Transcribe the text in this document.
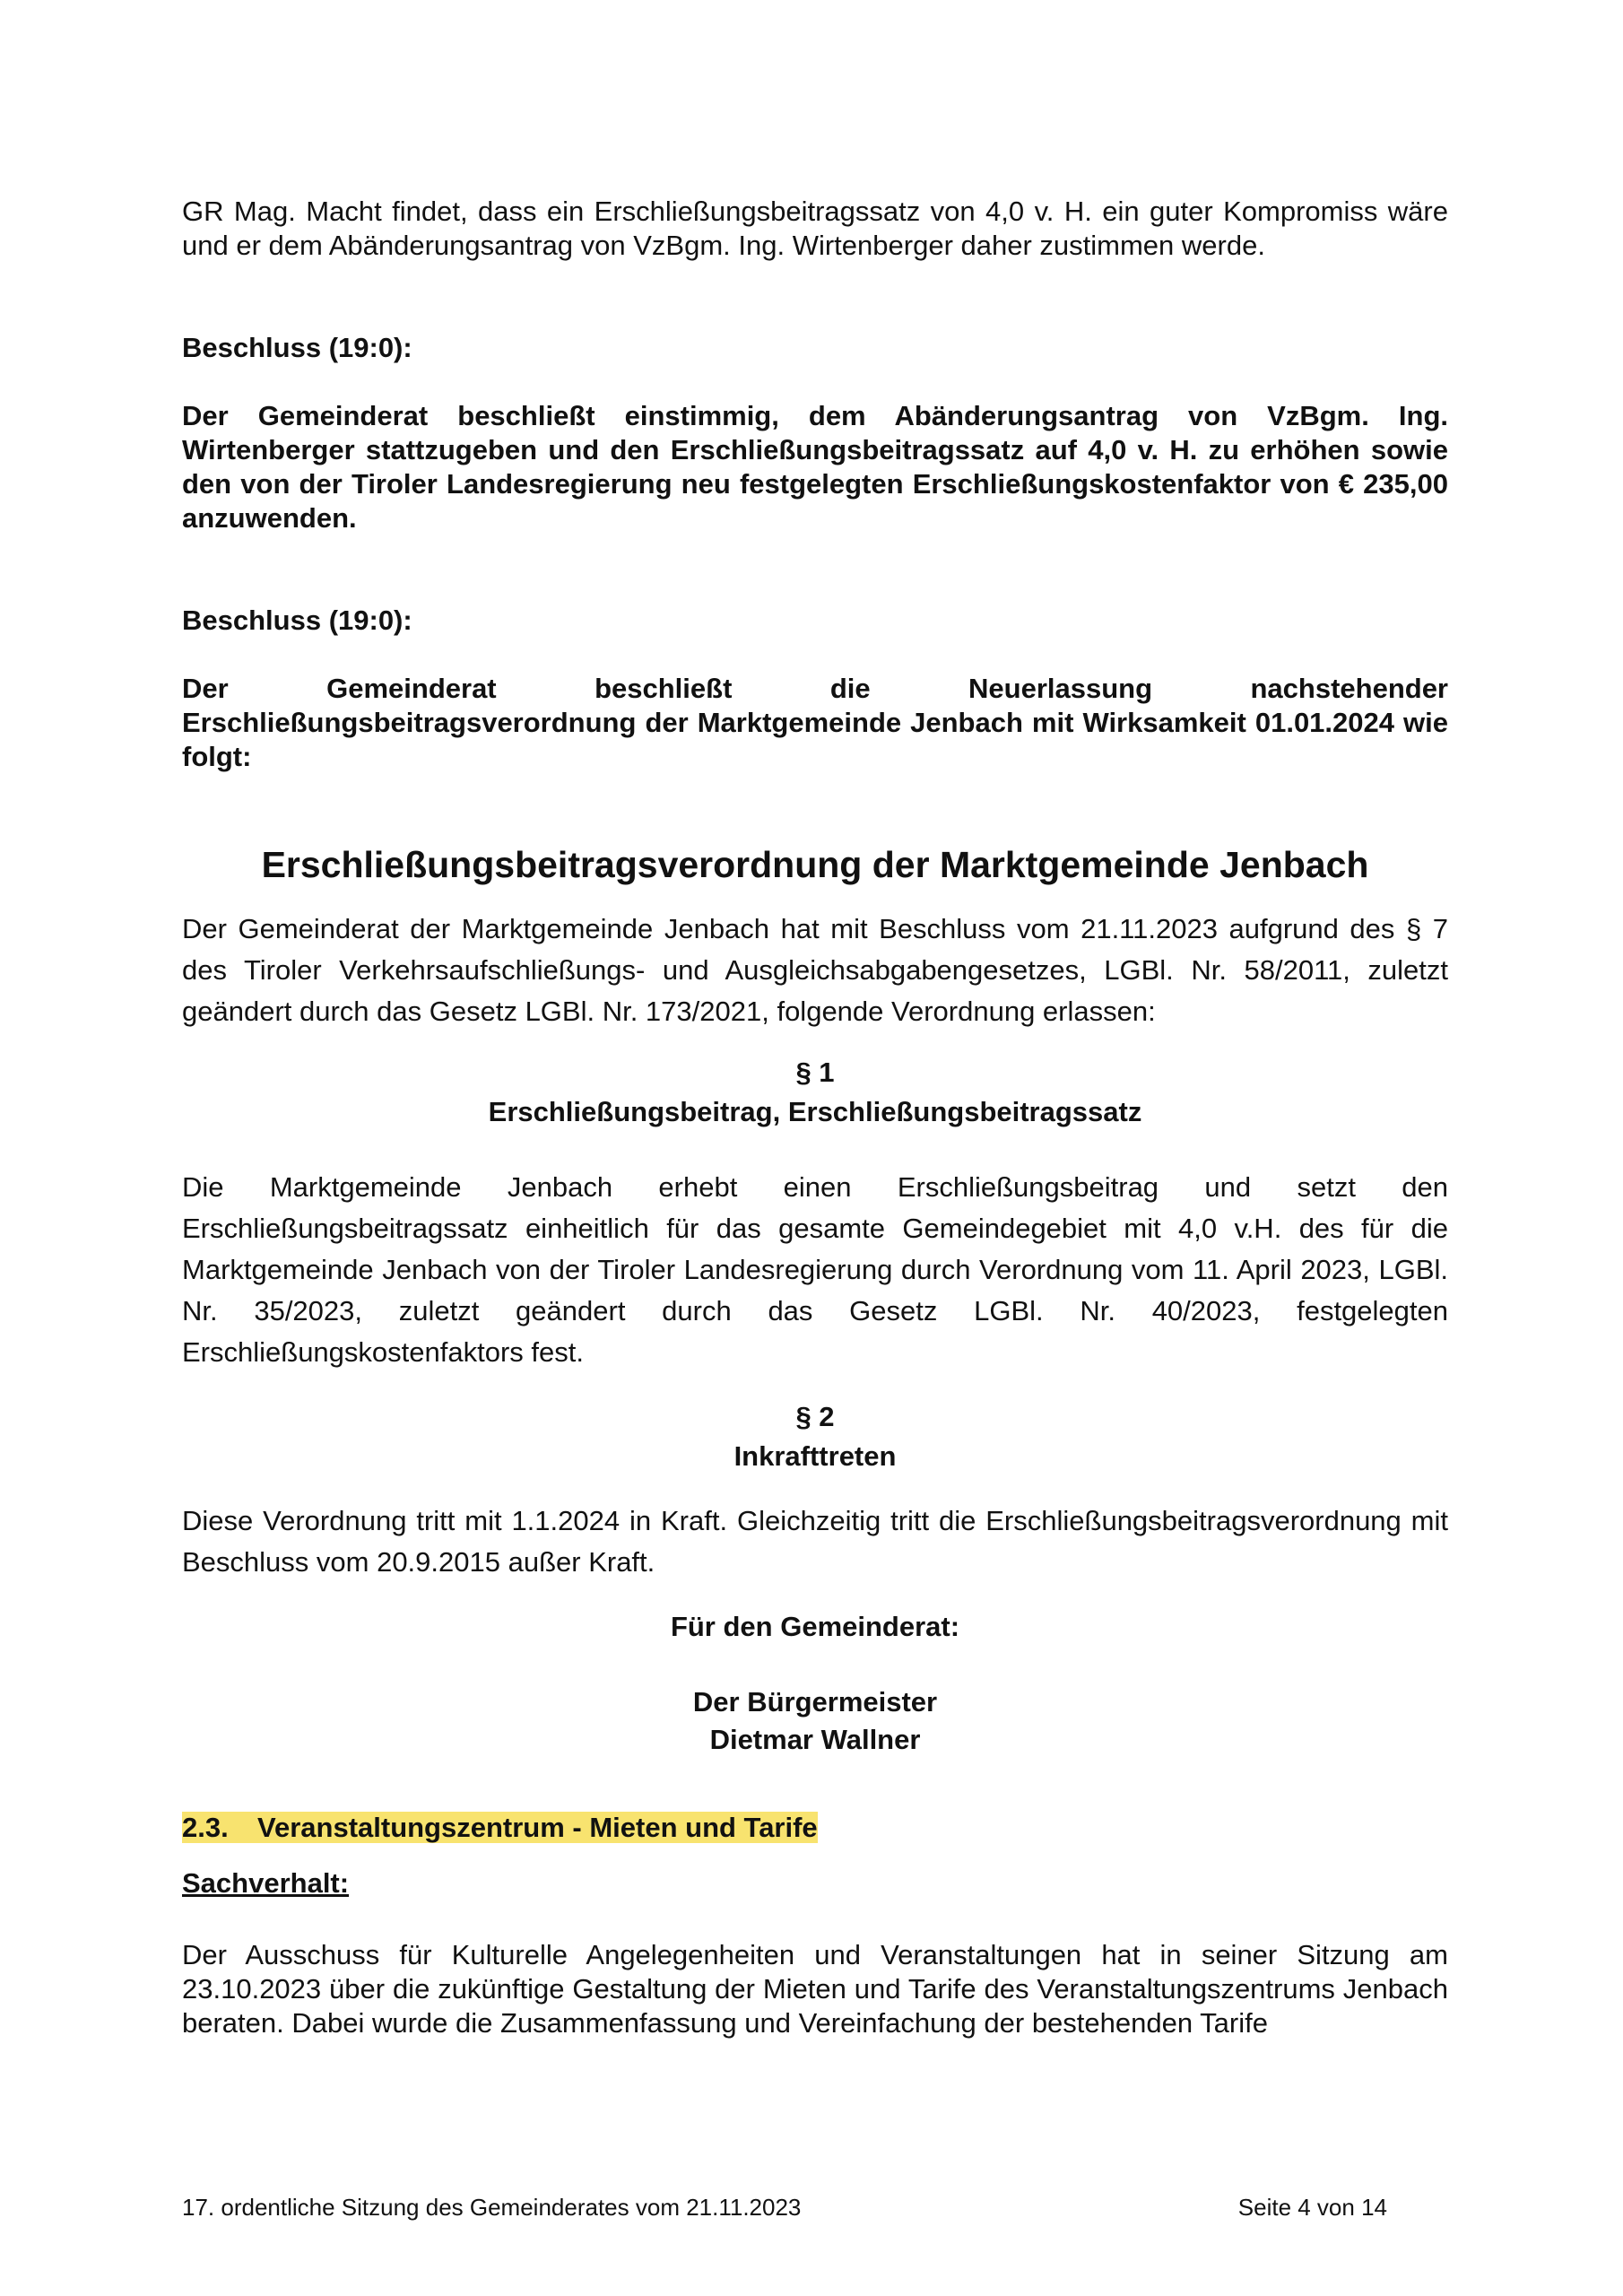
GR Mag. Macht findet, dass ein Erschließungsbeitragssatz von 4,0 v. H. ein guter Kompromiss wäre und er dem Abänderungsantrag von VzBgm. Ing. Wirtenberger daher zustimmen werde.

Beschluss (19:0):

Der Gemeinderat beschließt einstimmig, dem Abänderungsantrag von VzBgm. Ing. Wirtenberger stattzugeben und den Erschließungsbeitragssatz auf 4,0 v. H. zu erhöhen sowie den von der Tiroler Landesregierung neu festgelegten Erschließungskostenfaktor von € 235,00 anzuwenden.

Beschluss (19:0):

Der Gemeinderat beschließt die Neuerlassung nachstehender Erschließungsbeitragsverordnung der Marktgemeinde Jenbach mit Wirksamkeit 01.01.2024 wie folgt:

Erschließungsbeitragsverordnung der Marktgemeinde Jenbach

Der Gemeinderat der Marktgemeinde Jenbach hat mit Beschluss vom 21.11.2023 aufgrund des § 7 des Tiroler Verkehrsaufschließungs- und Ausgleichsabgabengesetzes, LGBl. Nr. 58/2011, zuletzt geändert durch das Gesetz LGBl. Nr. 173/2021, folgende Verordnung erlassen:

§ 1

Erschließungsbeitrag, Erschließungsbeitragssatz

Die Marktgemeinde Jenbach erhebt einen Erschließungsbeitrag und setzt den Erschließungsbeitragssatz einheitlich für das gesamte Gemeindegebiet mit 4,0 v.H. des für die Marktgemeinde Jenbach von der Tiroler Landesregierung durch Verordnung vom 11. April 2023, LGBl. Nr. 35/2023, zuletzt geändert durch das Gesetz LGBl. Nr. 40/2023, festgelegten Erschließungskostenfaktors fest.

§ 2

Inkrafttreten

Diese Verordnung tritt mit 1.1.2024 in Kraft. Gleichzeitig tritt die Erschließungsbeitragsverordnung mit Beschluss vom 20.9.2015 außer Kraft.

Für den Gemeinderat:

Der Bürgermeister

Dietmar Wallner

2.3. Veranstaltungszentrum - Mieten und Tarife

Sachverhalt:

Der Ausschuss für Kulturelle Angelegenheiten und Veranstaltungen hat in seiner Sitzung am 23.10.2023 über die zukünftige Gestaltung der Mieten und Tarife des Veranstaltungszentrums Jenbach beraten. Dabei wurde die Zusammenfassung und Vereinfachung der bestehenden Tarife

17. ordentliche Sitzung des Gemeinderates vom 21.11.2023	Seite 4 von 14
